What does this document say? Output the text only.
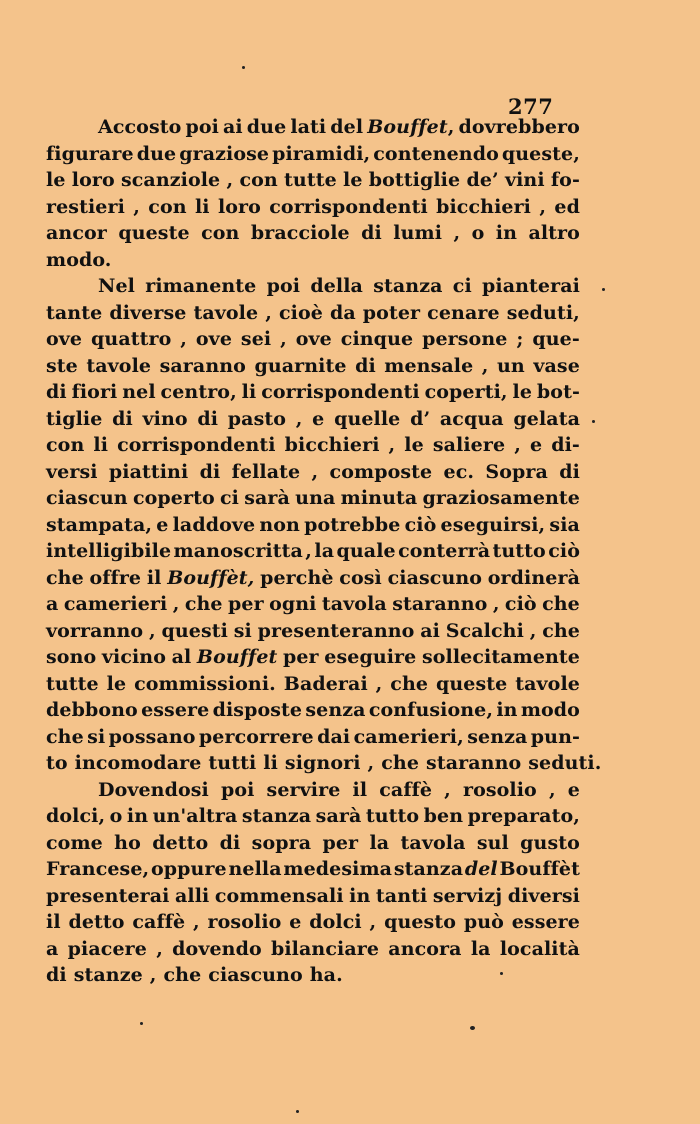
277
Accosto poi ai due lati del Bouffet, dovrebbero
figurare due graziose piramidi, contenendo queste,
le loro scanziole , con tutte le bottiglie de’ vini fo-
restieri , con li loro corrispondenti bicchieri , ed
ancor queste con bracciole di lumi , o in altro
modo.
Nel rimanente poi della stanza ci pianterai
tante diverse tavole , cioè da poter cenare seduti,
ove quattro , ove sei , ove cinque persone ; que-
ste tavole saranno guarnite di mensale , un vase
di fiori nel centro, li corrispondenti coperti, le bot-
tiglie di vino di pasto , e quelle d’ acqua gelata
con li corrispondenti bicchieri , le saliere , e di-
versi piattini di fellate , composte ec. Sopra di
ciascun coperto ci sarà una minuta graziosamente
stampata, e laddove non potrebbe ciò eseguirsi, sia
intelligibile manoscritta , la quale conterrà tutto ciò
che offre il Bouffèt, perchè così ciascuno ordinerà
a camerieri , che per ogni tavola staranno , ciò che
vorranno , questi si presenteranno ai Scalchi , che
sono vicino al Bouffet per eseguire sollecitamente
tutte le commissioni. Baderai , che queste tavole
debbono essere disposte senza confusione, in modo
che si possano percorrere dai camerieri, senza pun-
to incomodare tutti li signori , che staranno seduti.
Dovendosi poi servire il caffè , rosolio , e
dolci, o in un'altra stanza sarà tutto ben preparato,
come ho detto di sopra per la tavola sul gusto
Francese, oppure nella medesima stanza del Bouffèt
presenterai alli commensali in tanti servizj diversi
il detto caffè , rosolio e dolci , questo può essere
a piacere , dovendo bilanciare ancora la località
di stanze , che ciascuno ha.
